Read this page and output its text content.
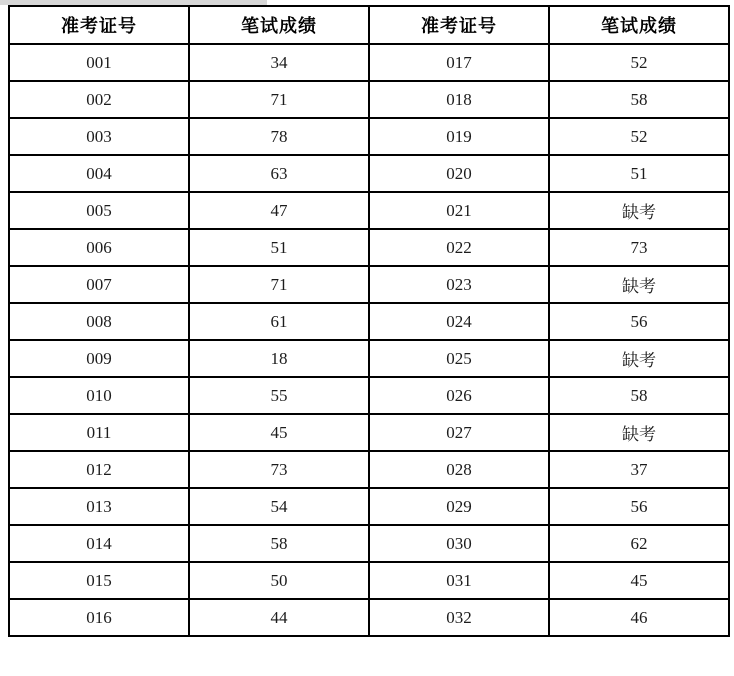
准考证号	笔试成绩	准考证号	笔试成绩
001	34	017	52
002	71	018	58
003	78	019	52
004	63	020	51
005	47	021	缺考
006	51	022	73
007	71	023	缺考
008	61	024	56
009	18	025	缺考
010	55	026	58
011	45	027	缺考
012	73	028	37
013	54	029	56
014	58	030	62
015	50	031	45
016	44	032	46
